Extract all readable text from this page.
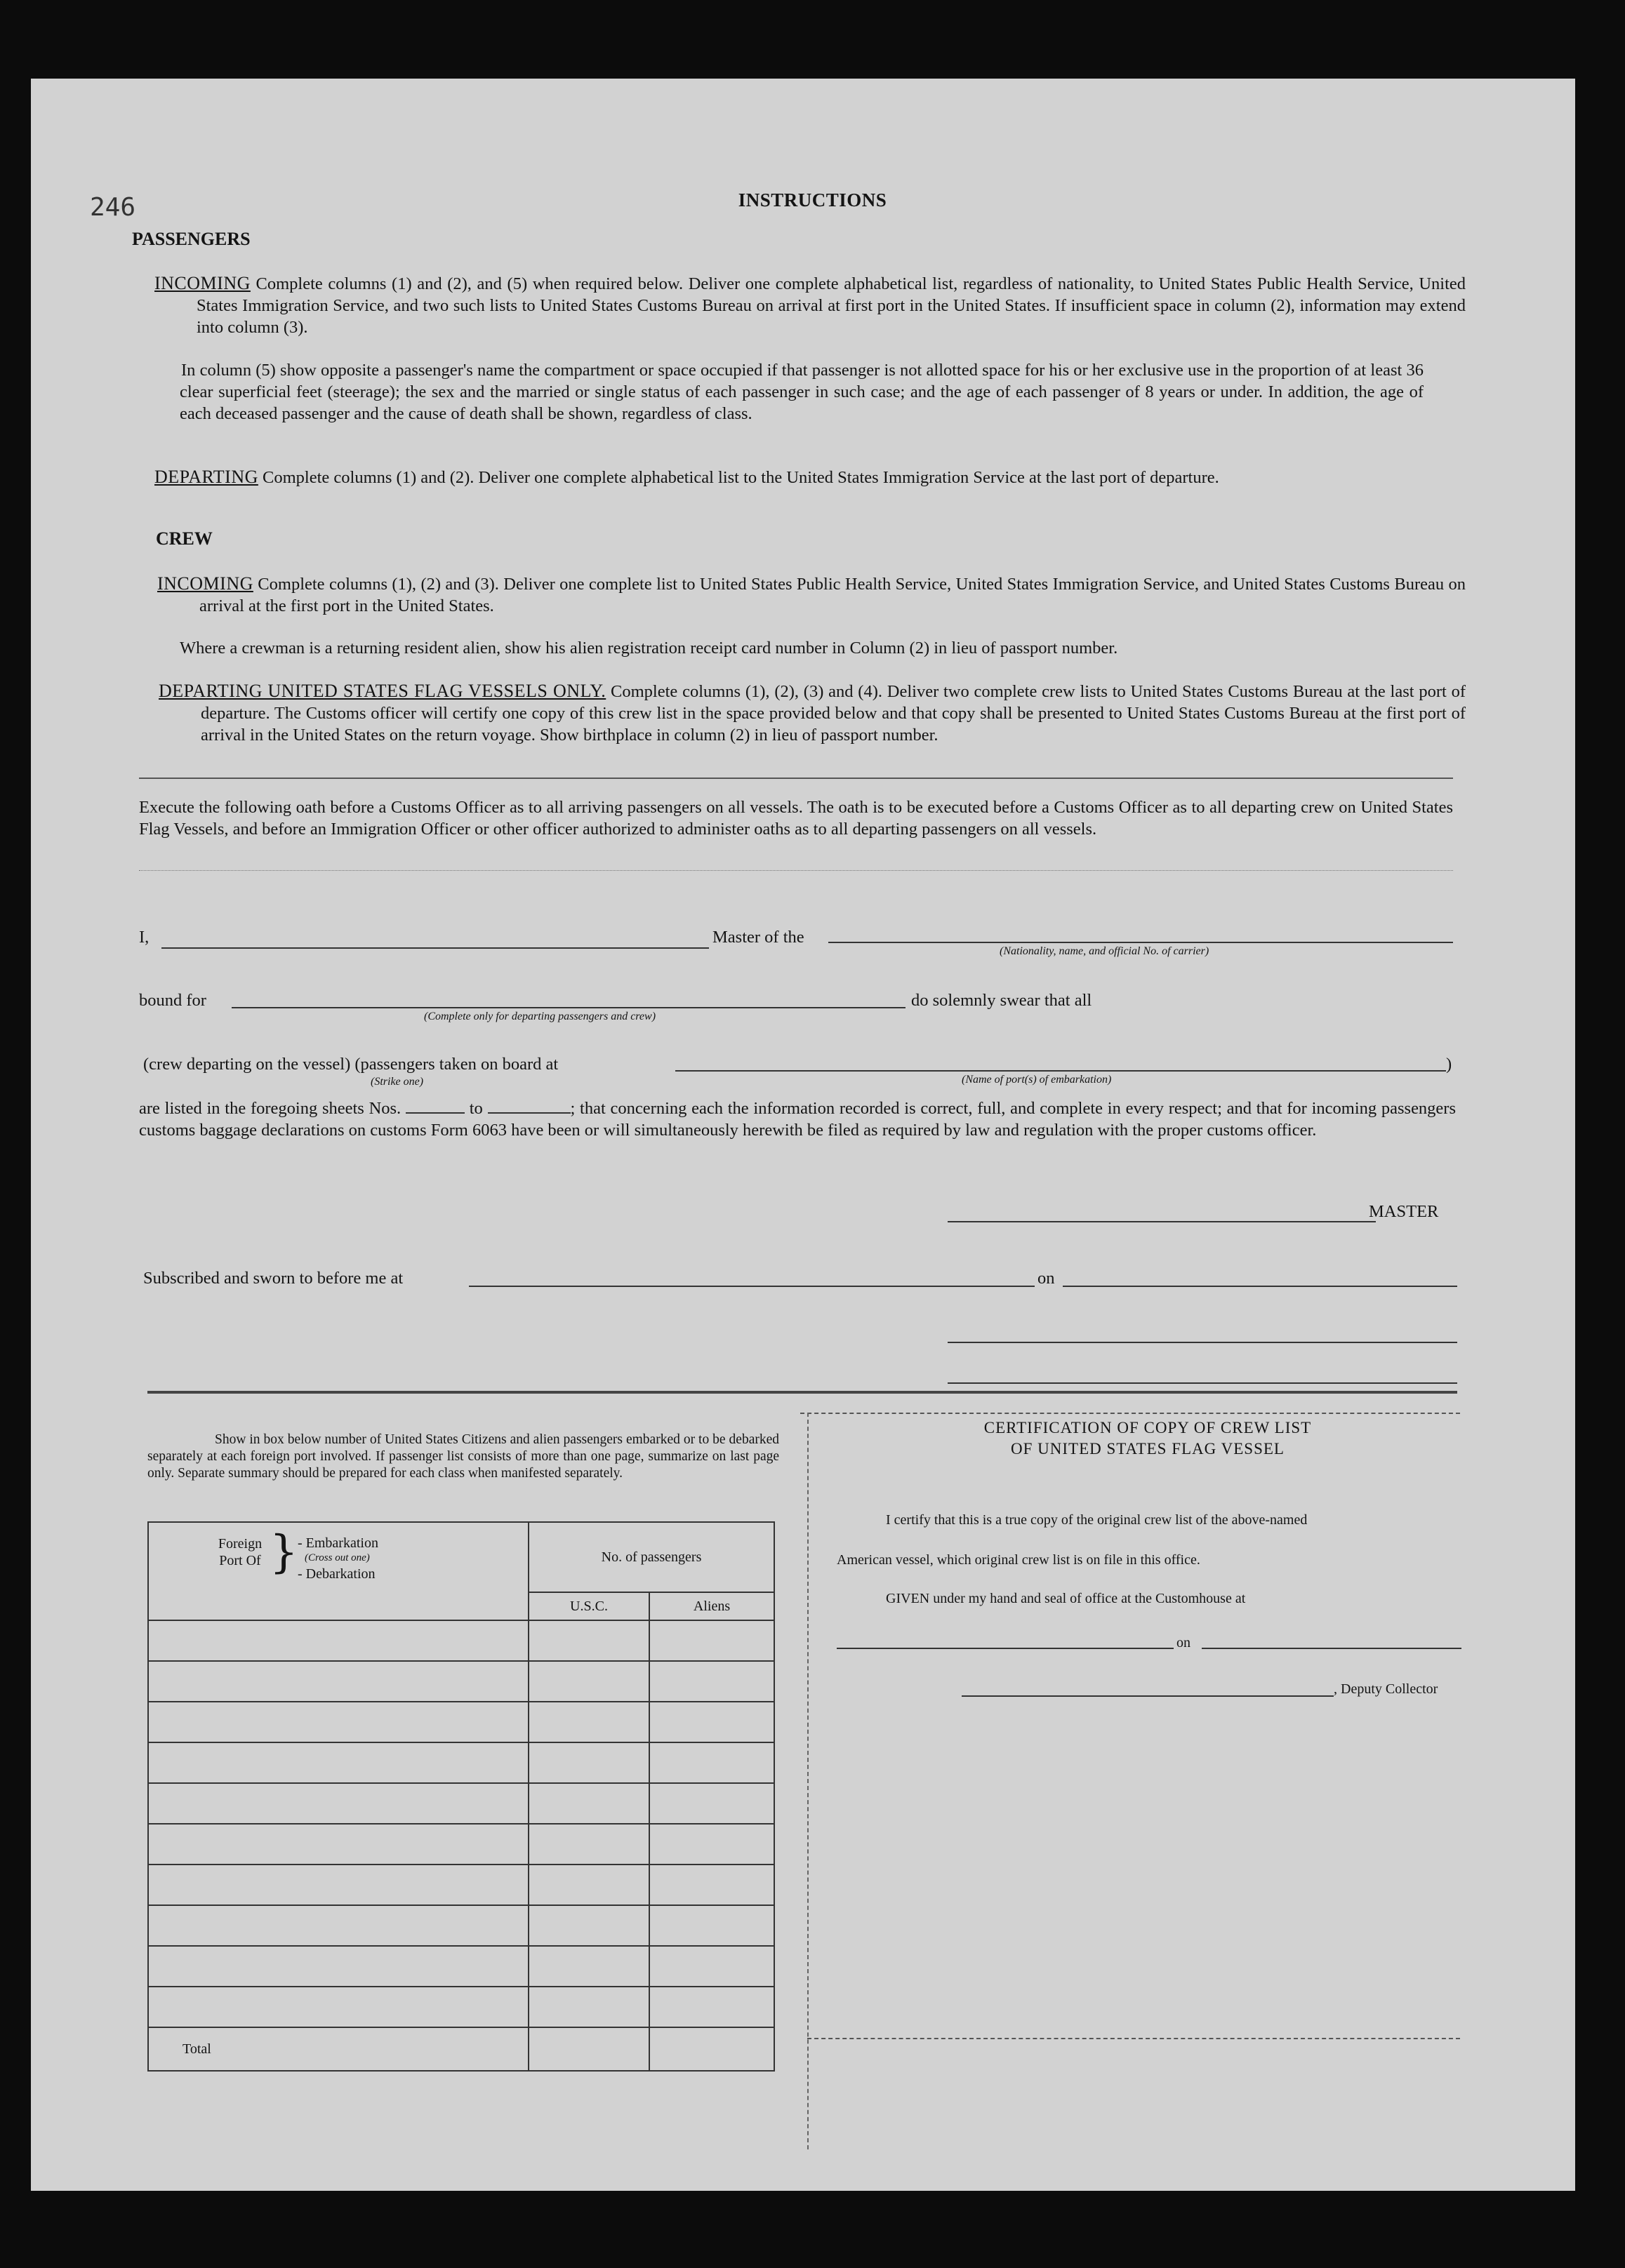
246	INSTRUCTIONS
PASSENGERS
INCOMING Complete columns (1) and (2), and (5) when required below. Deliver one complete alphabetical list, regardless of nationality, to United States Public Health Service, United States Immigration Service, and two such lists to United States Customs Bureau on arrival at first port in the United States. If insufficient space in column (2), information may extend into column (3).
In column (5) show opposite a passenger's name the compartment or space occupied if that passenger is not allotted space for his or her exclusive use in the proportion of at least 36 clear superficial feet (steerage); the sex and the married or single status of each passenger in such case; and the age of each passenger of 8 years or under. In addition, the age of each deceased passenger and the cause of death shall be shown, regardless of class.
DEPARTING Complete columns (1) and (2). Deliver one complete alphabetical list to the United States Immigration Service at the last port of departure.
CREW
INCOMING Complete columns (1), (2) and (3). Deliver one complete list to United States Public Health Service, United States Immigration Service, and United States Customs Bureau on arrival at the first port in the United States.
Where a crewman is a returning resident alien, show his alien registration receipt card number in Column (2) in lieu of passport number.
DEPARTING UNITED STATES FLAG VESSELS ONLY. Complete columns (1), (2), (3) and (4). Deliver two complete crew lists to United States Customs Bureau at the last port of departure. The Customs officer will certify one copy of this crew list in the space provided below and that copy shall be presented to United States Customs Bureau at the first port of arrival in the United States on the return voyage. Show birthplace in column (2) in lieu of passport number.
Execute the following oath before a Customs Officer as to all arriving passengers on all vessels. The oath is to be executed before a Customs Officer as to all departing crew on United States Flag Vessels, and before an Immigration Officer or other officer authorized to administer oaths as to all departing passengers on all vessels.
I,	Master of the
(Nationality, name, and official No. of carrier)
bound for
(Complete only for departing passengers and crew)
do solemnly swear that all
(crew departing on the vessel) (passengers taken on board at
(Strike one)	(Name of port(s) of embarkation)
)
are listed in the foregoing sheets Nos.	to	; that concerning each the information recorded is correct, full, and complete in every respect; and that for incoming passengers customs baggage declarations on customs Form 6063 have been or will simultaneously herewith be filed as required by law and regulation with the proper customs officer.
MASTER
Subscribed and sworn to before me at	on
Show in box below number of United States Citizens and alien passengers embarked or to be debarked separately at each foreign port involved. If passenger list consists of more than one page, summarize on last page only. Separate summary should be prepared for each class when manifested separately.
Foreign Port Of } - Embarkation
(Cross out one)
- Debarkation	No. of passengers	
	U.S.C.	Aliens

Total		
CERTIFICATION OF COPY OF CREW LIST
OF UNITED STATES FLAG VESSEL
I certify that this is a true copy of the original crew list of the above-named
American vessel, which original crew list is on file in this office.
GIVEN under my hand and seal of office at the Customhouse at
on
, Deputy Collector
